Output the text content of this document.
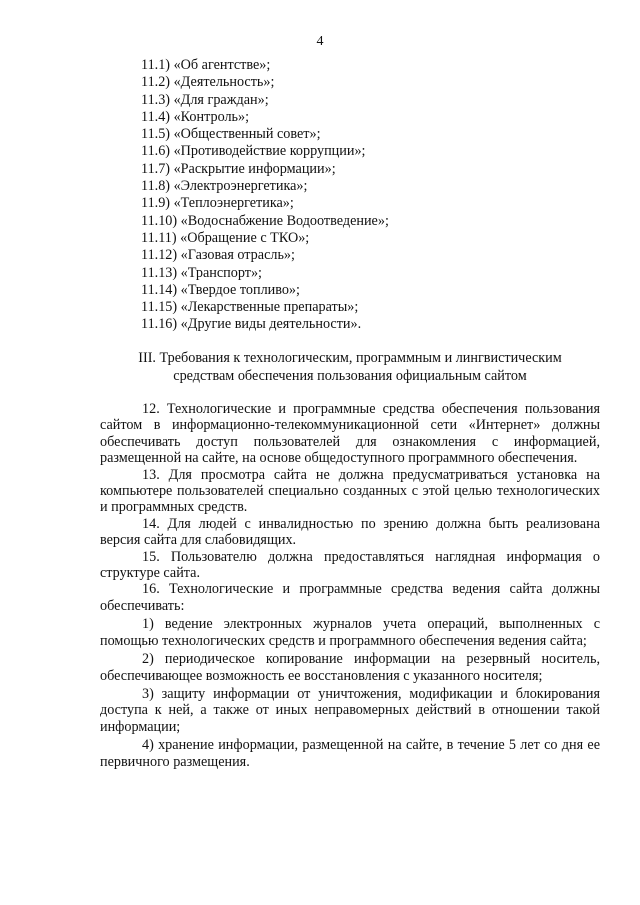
4
11.1) «Об агентстве»;
11.2) «Деятельность»;
11.3) «Для граждан»;
11.4) «Контроль»;
11.5) «Общественный совет»;
11.6) «Противодействие коррупции»;
11.7) «Раскрытие информации»;
11.8) «Электроэнергетика»;
11.9) «Теплоэнергетика»;
11.10) «Водоснабжение Водоотведение»;
11.11) «Обращение с ТКО»;
11.12) «Газовая отрасль»;
11.13) «Транспорт»;
11.14) «Твердое топливо»;
11.15) «Лекарственные препараты»;
11.16) «Другие виды деятельности».
III. Требования к технологическим, программным и лингвистическим
средствам обеспечения пользования официальным сайтом

12. Технологические и программные средства обеспечения пользования сайтом в информационно-телекоммуникационной сети «Интернет» должны обеспечивать доступ пользователей для ознакомления с информацией, размещенной на сайте, на основе общедоступного программного обеспечения.

13. Для просмотра сайта не должна предусматриваться установка на компьютере пользователей специально созданных с этой целью технологических и программных средств.

14. Для людей с инвалидностью по зрению должна быть реализована версия сайта для слабовидящих.

15. Пользователю должна предоставляться наглядная информация о структуре сайта.

16. Технологические и программные средства ведения сайта должны обеспечивать:

1) ведение электронных журналов учета операций, выполненных с помощью технологических средств и программного обеспечения ведения сайта;

2) периодическое копирование информации на резервный носитель, обеспечивающее возможность ее восстановления с указанного носителя;

3) защиту информации от уничтожения, модификации и блокирования доступа к ней, а также от иных неправомерных действий в отношении такой информации;

4) хранение информации, размещенной на сайте, в течение 5 лет со дня ее первичного размещения.
